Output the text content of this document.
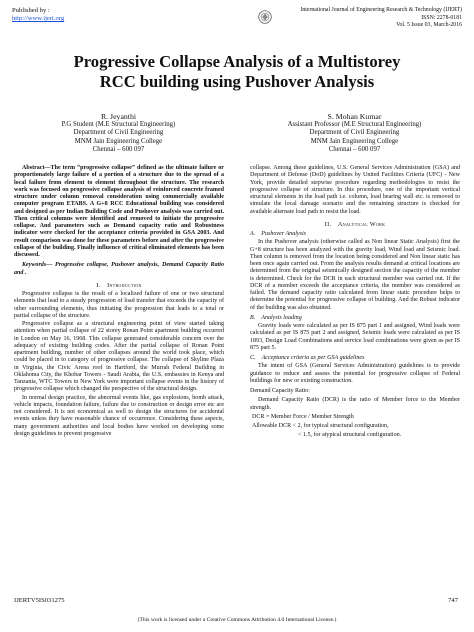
Published by :
http://www.ijert.org
International Journal of Engineering Research & Technology (IJERT)
ISSN: 2278-0181
Vol. 5 Issue 03, March-2016
Progressive Collapse Analysis of a Multistorey
RCC building using Pushover Analysis
R. Jeyanthi
P.G Student (M.E Structural Engineering)
Department of Civil Engineering
MNM Jain Engineering College
Chennai – 600 097
S. Mohan Kumar
Assistant Professor (M.E Structural Engineering)
Department of Civil Engineering
MNM Jain Engineering College
Chennai – 600 097

Abstract—The term “progressive collapse” defined as the ultimate failure or proportionately large failure of a portion of a structure due to the spread of a local failure from element to element throughout the structure. The research work was focused on progressive collapse analysis of reinforced concrete framed structure under column removal consideration using commercially available computer program ETABS. A G+8 RCC Educational building was considered and designed as per Indian Building Code and Pushover analysis was carried out. Then critical columns were identified and removed to initiate the progressive collapse. And parameters such as Demand capacity ratio and Robustness indicator were checked for the acceptance criteria provided in GSA 2003. And result comparison was done for these parameters before and after the progressive collapse of the building. Finally influence of critical eliminated elements has been discussed.

Keywords— Progressive collapse, Pushover analysis, Demand Capacity Ratio and .

I. Introduction

Progressive collapse is the result of a localized failure of one or two structural elements that lead to a steady progression of load transfer that exceeds the capacity of other surrounding elements, thus initiating the progression that leads to a total or partial collapse of the structure.

Progressive collapse as a structural engineering point of view started taking attention when partial collapse of 22 storey Ronan Point apartment building occurred in London on May 16, 1968. This collapse generated considerable concern over the adequacy of existing building codes. After the partial collapse of Ronan Point apartment building, number of other collapses around the world took place, which could be placed in to category of progressive collapse. The collapse of Skyline Plaza in Virginia, the Civic Arena roof in Hartford, the Murrah Federal Building in Oklahoma City, the Khobar Towers - Saudi Arabia, the U.S. embassies in Kenya and Tanzania, WTC Towers in New York were important collapse events in the history of progressive collapse which changed the perspective of the structural design.

In normal design practice, the abnormal events like, gas explosions, bomb attack, vehicle impacts, foundation failure, failure due to construction or design error etc are not considered. It is not economical as well to design the structures for accidental events unless they have reasonable chance of occurrence. Considering these aspects, many government authorities and local bodies have worked on developing some design guidelines to prevent progressive

collapse. Among these guidelines, U.S. General Services Administration (GSA) and Department of Defense (DoD) guidelines by United Facilities Criteria (UFC) - New York, provide detailed stepwise procedure regarding methodologies to resist the progressive collapse of structure. In this procedure, one of the important vertical structural elements in the load path i.e. column, load bearing wall etc. is removed to simulate the local damage scenario and the remaining structure is checked for available alternate load path to resist the load.

II. Analytical Work

A. Pushover Analysis

In the Pushover analysis (otherwise called as Non linear Static Analysis) first the G+8 structure has been analyzed with the gravity load, Wind load and Seismic load. Then column is removed from the location being considered and Non linear static has been once again carried out. From the analysis results demand at critical locations are determined from the original seismically designed section the capacity of the member is determined. Check for the DCR in each structural member was carried out. If the DCR of a member exceeds the acceptance criteria, the member was considered as failed. The demand capacity ratio calculated from linear static procedure helps to determine the potential for progressive collapse of building. And the Robust indicator of the building was also obtained.

B. Analysis loading

Gravity loads were calculated as per IS 875 part 1 and assigned, Wind loads were calculated as per IS 875 part 2 and assigned, Seismic loads were calculated as per IS 1893, Design Load Combinations and service load combinations were given as per IS 875 part 5.

C. Acceptance criteria as per GSA guidelines

The intent of GSA (General Services Administration) guidelines is to provide guidance to reduce and assess the potential for progressive collapse of Federal buildings for new or existing construction.

Demand Capacity Ratio:

Demand Capacity Ratio (DCR) is the ratio of Member force to the Member strength.

DCR = Member Force / Member Strength

Allowable DCR < 2, for typical structural configuration,

< 1.5, for atypical structural configuration.

IJERTV5IS031275	747
(This work is licensed under a Creative Commons Attribution 4.0 International License.)
